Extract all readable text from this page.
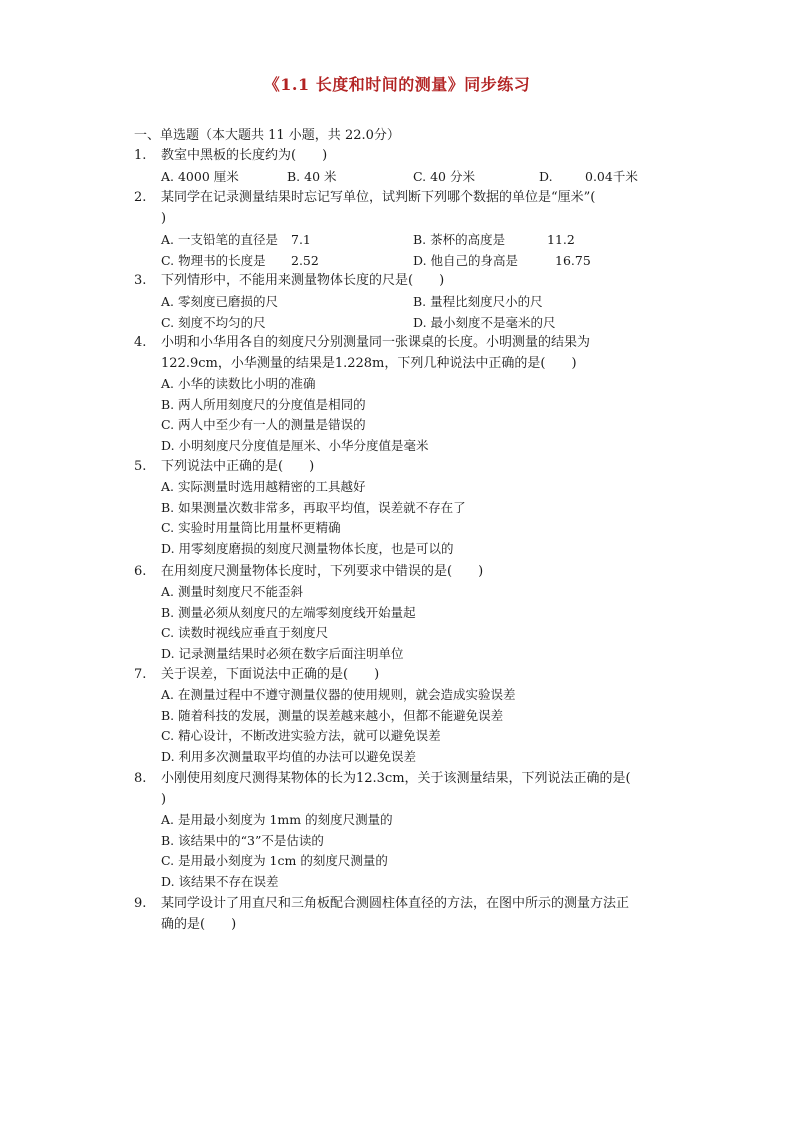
《1.1 长度和时间的测量》同步练习
一、单选题（本大题共 11 小题，共 22.0分）
1.	教室中黑板的长度约为(　　)
A. 4000 厘米	B. 40 米	C. 40 分米	D.	0.04千米
2.	某同学在记录测量结果时忘记写单位，试判断下列哪个数据的单位是“厘米”(
)
A. 一支铅笔的直径是	7.1	B. 茶杯的高度是	11.2
C. 物理书的长度是	2.52	D. 他自己的身高是	16.75
3.	下列情形中，不能用来测量物体长度的尺是(　　)
A. 零刻度已磨损的尺	B. 量程比刻度尺小的尺
C. 刻度不均匀的尺	D. 最小刻度不是毫米的尺
4.	小明和小华用各自的刻度尺分别测量同一张课桌的长度。小明测量的结果为
122.9cm，小华测量的结果是1.228m，下列几种说法中正确的是(　　)
A. 小华的读数比小明的准确
B. 两人所用刻度尺的分度值是相同的
C. 两人中至少有一人的测量是错误的
D. 小明刻度尺分度值是厘米、小华分度值是毫米
5.	下列说法中正确的是(　　)
A. 实际测量时选用越精密的工具越好
B. 如果测量次数非常多，再取平均值，误差就不存在了
C. 实验时用量筒比用量杯更精确
D. 用零刻度磨损的刻度尺测量物体长度，也是可以的
6.	在用刻度尺测量物体长度时，下列要求中错误的是(　　)
A. 测量时刻度尺不能歪斜
B. 测量必须从刻度尺的左端零刻度线开始量起
C. 读数时视线应垂直于刻度尺
D. 记录测量结果时必须在数字后面注明单位
7.	关于误差，下面说法中正确的是(　　)
A. 在测量过程中不遵守测量仪器的使用规则，就会造成实验误差
B. 随着科技的发展，测量的误差越来越小，但都不能避免误差
C. 精心设计，不断改进实验方法，就可以避免误差
D. 利用多次测量取平均值的办法可以避免误差
8.	小刚使用刻度尺测得某物体的长为12.3cm，关于该测量结果，下列说法正确的是(
)
A. 是用最小刻度为 1mm 的刻度尺测量的
B. 该结果中的“3”不是估读的
C. 是用最小刻度为 1cm 的刻度尺测量的
D. 该结果不存在误差
9.	某同学设计了用直尺和三角板配合测圆柱体直径的方法，在图中所示的测量方法正
确的是(　　)
